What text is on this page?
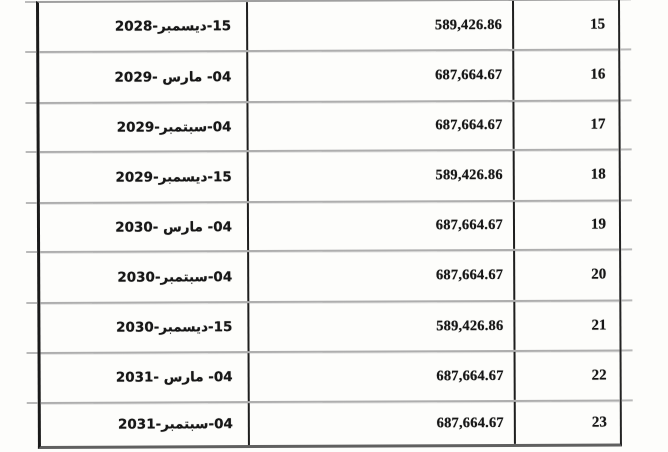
15-ديسمبر-2028	589,426.86	15
04- مارس -2029	687,664.67	16
04-سبتمبر-2029	687,664.67	17
15-ديسمبر-2029	589,426.86	18
04- مارس -2030	687,664.67	19
04-سبتمبر-2030	687,664.67	20
15-ديسمبر-2030	589,426.86	21
04- مارس -2031	687,664.67	22
04-سبتمبر-2031	687,664.67	23
